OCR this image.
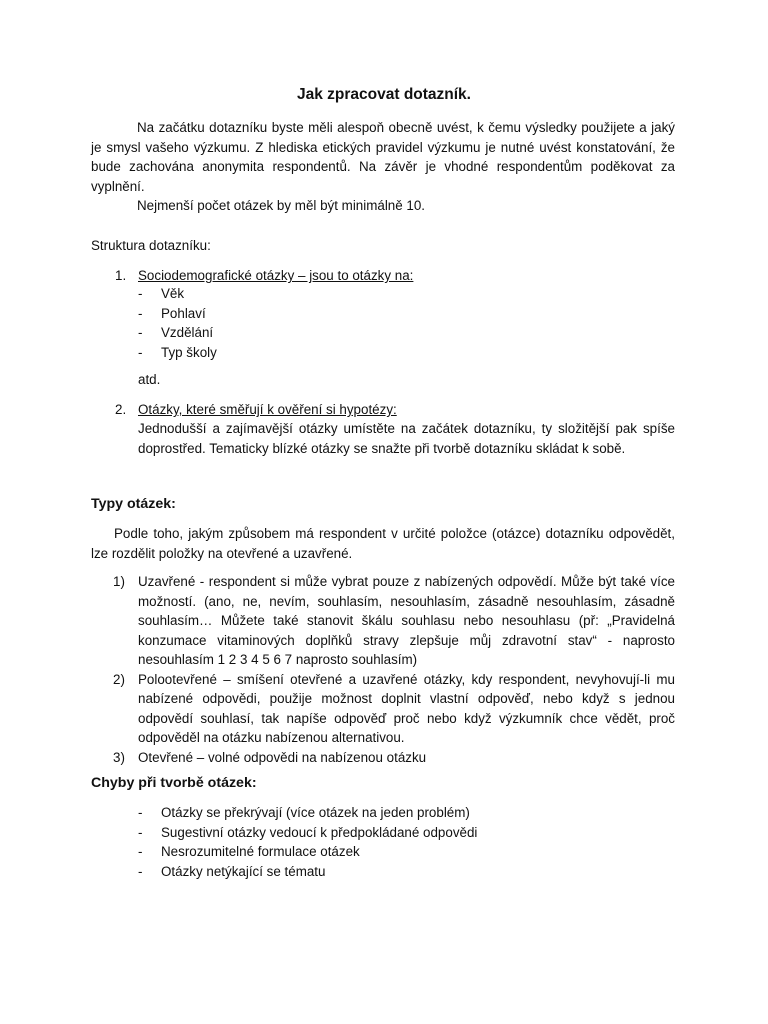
Jak zpracovat dotazník.

Na začátku dotazníku byste měli alespoň obecně uvést, k čemu výsledky použijete a jaký je smysl vašeho výzkumu. Z hlediska etických pravidel výzkumu je nutné uvést konstatování, že bude zachována anonymita respondentů. Na závěr je vhodné respondentům poděkovat za vyplnění.

Nejmenší počet otázek by měl být minimálně 10.

Struktura dotazníku:

1. Sociodemografické otázky – jsou to otázky na:
- Věk
- Pohlaví
- Vzdělání
- Typ školy

atd.

2. Otázky, které směřují k ověření si hypotézy:
Jednodušší a zajímavější otázky umístěte na začátek dotazníku, ty složitější pak spíše doprostřed. Tematicky blízké otázky se snažte při tvorbě dotazníku skládat k sobě.
Typy otázek:

Podle toho, jakým způsobem má respondent v určité položce (otázce) dotazníku odpovědět, lze rozdělit položky na otevřené a uzavřené.

1) Uzavřené - respondent si může vybrat pouze z nabízených odpovědí. Může být také více možností. (ano, ne, nevím, souhlasím, nesouhlasím, zásadně nesouhlasím, zásadně souhlasím… Můžete také stanovit škálu souhlasu nebo nesouhlasu (př: „Pravidelná konzumace vitaminových doplňků stravy zlepšuje můj zdravotní stav“ - naprosto nesouhlasím 1 2 3 4 5 6 7 naprosto souhlasím)
2) Polootevřené – smíšení otevřené a uzavřené otázky, kdy respondent, nevyhovují-li mu nabízené odpovědi, použije možnost doplnit vlastní odpověď, nebo když s jednou odpovědí souhlasí, tak napíše odpověď proč nebo když výzkumník chce vědět, proč odpověděl na otázku nabízenou alternativou.
3) Otevřené – volné odpovědi na nabízenou otázku
Chyby při tvorbě otázek:
- Otázky se překrývají (více otázek na jeden problém)
- Sugestivní otázky vedoucí k předpokládané odpovědi
- Nesrozumitelné formulace otázek
- Otázky netýkající se tématu
